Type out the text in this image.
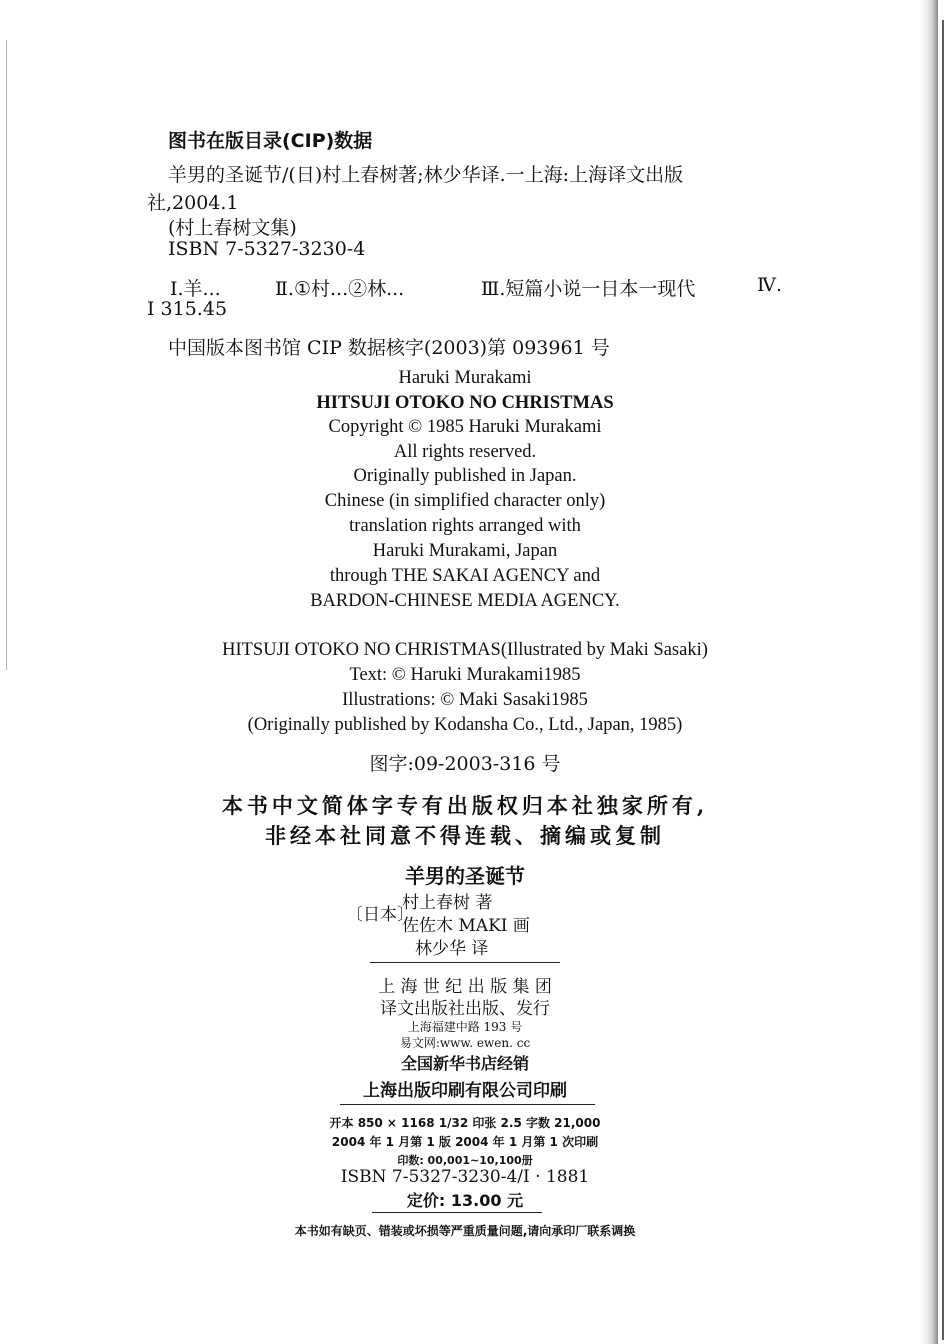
图书在版目录(CIP)数据
羊男的圣诞节/(日)村上春树著;林少华译.一上海:上海译文出版
社,2004.1
(村上春树文集)
ISBN 7-5327-3230-4
Ⅰ.羊...	Ⅱ.①村...②林...	Ⅲ.短篇小说一日本一现代	Ⅳ.
I 315.45
中国版本图书馆 CIP 数据核字(2003)第 093961 号
Haruki Murakami
HITSUJI OTOKO NO CHRISTMAS
Copyright © 1985 Haruki Murakami
All rights reserved.
Originally published in Japan.
Chinese (in simplified character only)
translation rights arranged with
Haruki Murakami, Japan
through THE SAKAI AGENCY and
BARDON-CHINESE MEDIA AGENCY.
HITSUJI OTOKO NO CHRISTMAS(Illustrated by Maki Sasaki)
Text: © Haruki Murakami1985
Illustrations: © Maki Sasaki1985
(Originally published by Kodansha Co., Ltd., Japan, 1985)
图字:09-2003-316 号
本书中文简体字专有出版权归本社独家所有,
非经本社同意不得连载、摘编或复制
羊男的圣诞节
〔日本〕
村上春树 著
佐佐木 MAKI 画
林少华 译
上 海 世 纪 出 版 集 团
译文出版社出版、发行
上海福建中路 193 号
易文网:www. ewen. cc
全国新华书店经销
上海出版印刷有限公司印刷
开本 850 × 1168 1/32 印张 2.5 字数 21,000
2004 年 1 月第 1 版 2004 年 1 月第 1 次印刷
印数: 00,001~10,100册
ISBN 7-5327-3230-4/I · 1881
定价: 13.00 元
本书如有缺页、错装或坏损等严重质量问题,请向承印厂联系调换
